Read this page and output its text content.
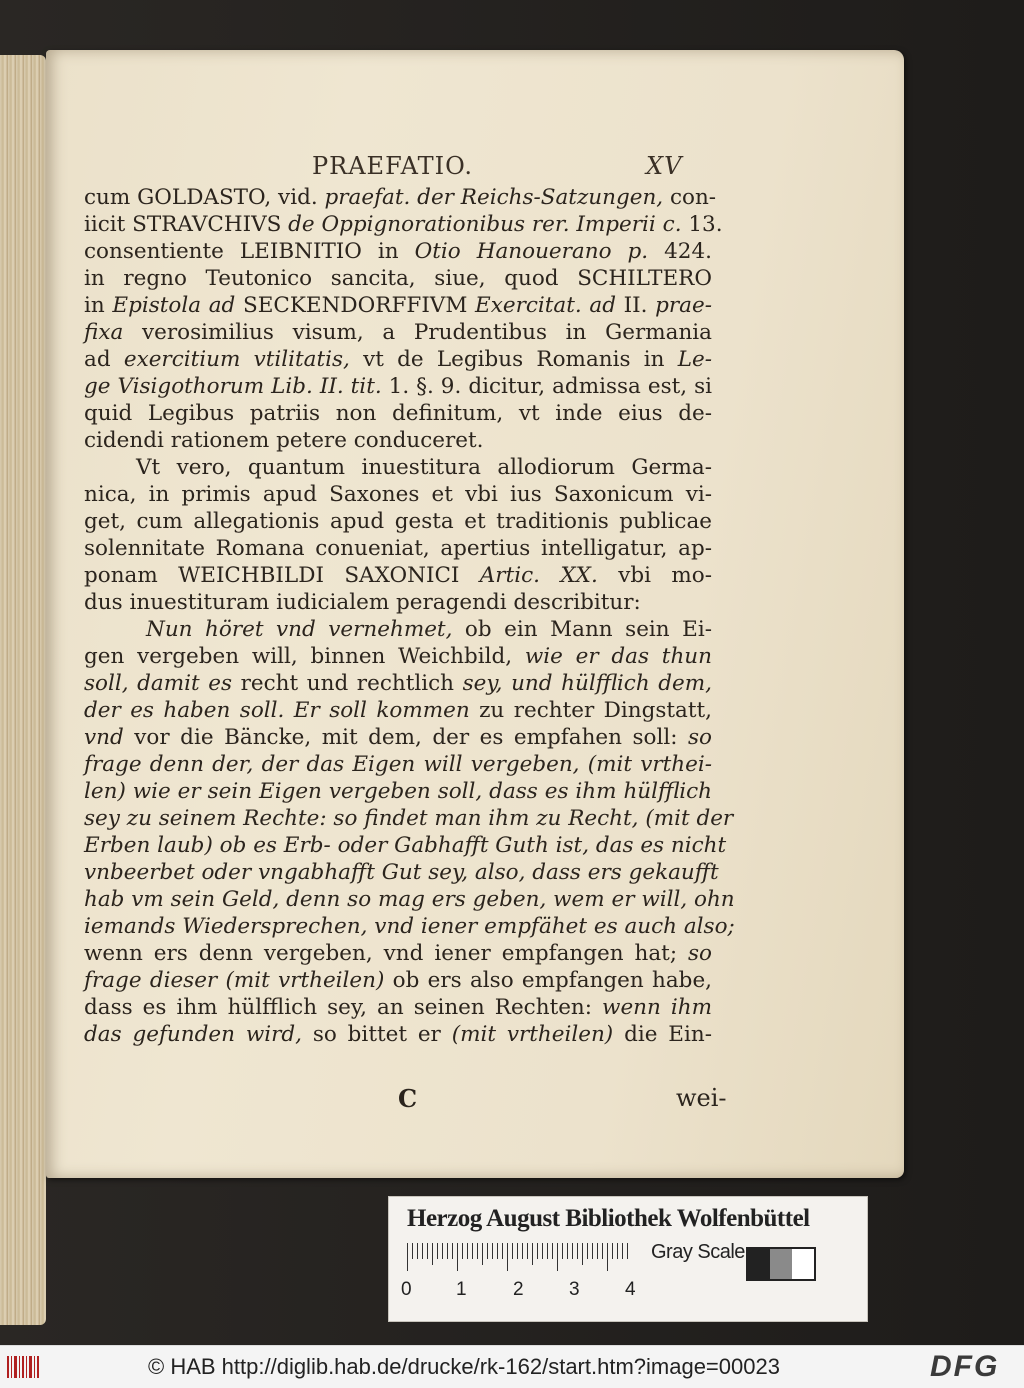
PRAEFATIO.	XV
cum GOLDASTO, vid. praefat. der Reichs-Satzungen, con-
iicit STRAVCHIVS de Oppignorationibus rer. Imperii c. 13.
consentiente LEIBNITIO in Otio Hanouerano p. 424.
in regno Teutonico sancita, siue, quod SCHILTERO
in Epistola ad SECKENDORFFIVM Exercitat. ad II. prae-
fixa verosimilius visum, a Prudentibus in Germania
ad exercitium vtilitatis, vt de Legibus Romanis in Le-
ge Visigothorum Lib. II. tit. 1. §. 9. dicitur, admissa est, si
quid Legibus patriis non definitum, vt inde eius de-
cidendi rationem petere conduceret.
Vt vero, quantum inuestitura allodiorum Germa-
nica, in primis apud Saxones et vbi ius Saxonicum vi-
get, cum allegationis apud gesta et traditionis publicae
solennitate Romana conueniat, apertius intelligatur, ap-
ponam WEICHBILDI SAXONICI Artic. XX. vbi mo-
dus inuestituram iudicialem peragendi describitur:
Nun höret vnd vernehmet, ob ein Mann sein Ei-
gen vergeben will, binnen Weichbild, wie er das thun
soll, damit es recht und rechtlich sey, und hülfflich dem,
der es haben soll. Er soll kommen zu rechter Dingstatt,
vnd vor die Bäncke, mit dem, der es empfahen soll: so
frage denn der, der das Eigen will vergeben, (mit vrthei-
len) wie er sein Eigen vergeben soll, dass es ihm hülfflich
sey zu seinem Rechte: so findet man ihm zu Recht, (mit der
Erben laub) ob es Erb- oder Gabhafft Guth ist, das es nicht
vnbeerbet oder vngabhafft Gut sey, also, dass ers gekaufft
hab vm sein Geld, denn so mag ers geben, wem er will, ohn
iemands Wiedersprechen, vnd iener empfähet es auch also;
wenn ers denn vergeben, vnd iener empfangen hat; so
frage dieser (mit vrtheilen) ob ers also empfangen habe,
dass es ihm hülfflich sey, an seinen Rechten: wenn ihm
das gefunden wird, so bittet er (mit vrtheilen) die Ein-
C	wei-
Herzog August Bibliothek Wolfenbüttel
0 1 2 3 4
Gray Scale
© HAB http://diglib.hab.de/drucke/rk-162/start.htm?image=00023	DFG
